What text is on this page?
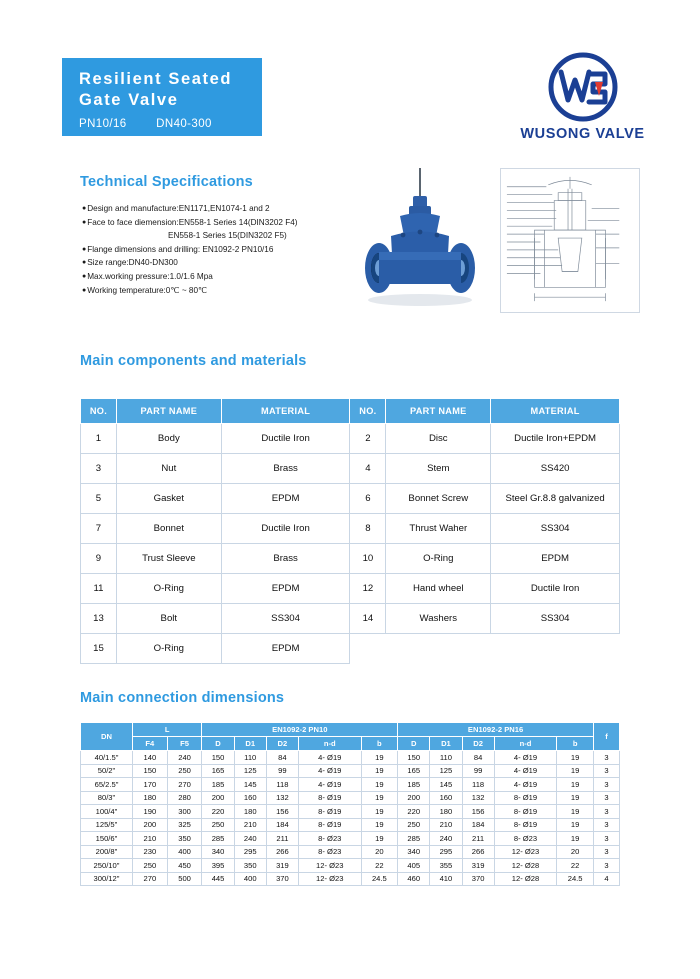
Resilient Seated
Gate Valve
PN10/16	DN40-300
WUSONG VALVE
Technical Specifications
●Design and manufacture:EN1171,EN1074-1 and 2
●Face to face diemension:EN558-1 Series 14(DIN3202 F4)
EN558-1 Series 15(DIN3202 F5)
●Flange dimensions and drilling: EN1092-2 PN10/16
●Size range:DN40-DN300
●Max.working pressure:1.0/1.6 Mpa
●Working temperature:0℃ ~ 80℃
Main components and materials
NO.	PART NAME	MATERIAL	NO.	PART NAME	MATERIAL
1	Body	Ductile Iron	2	Disc	Ductile Iron+EPDM
3	Nut	Brass	4	Stem	SS420
5	Gasket	EPDM	6	Bonnet Screw	Steel Gr.8.8 galvanized
7	Bonnet	Ductile Iron	8	Thrust Waher	SS304
9	Trust Sleeve	Brass	10	O-Ring	EPDM
11	O-Ring	EPDM	12	Hand wheel	Ductile Iron
13	Bolt	SS304	14	Washers	SS304
15	O-Ring	EPDM			
Main connection dimensions
DN	L		EN1092-2 PN10					EN1092-2 PN16					f
	F4	F5	D	D1	D2	n-d	b	D	D1	D2	n-d	b	
40/1.5"	140	240	150	110	84	4- Ø19	19	150	110	84	4- Ø19	19	3
50/2"	150	250	165	125	99	4- Ø19	19	165	125	99	4- Ø19	19	3
65/2.5"	170	270	185	145	118	4- Ø19	19	185	145	118	4- Ø19	19	3
80/3"	180	280	200	160	132	8- Ø19	19	200	160	132	8- Ø19	19	3
100/4"	190	300	220	180	156	8- Ø19	19	220	180	156	8- Ø19	19	3
125/5"	200	325	250	210	184	8- Ø19	19	250	210	184	8- Ø19	19	3
150/6"	210	350	285	240	211	8- Ø23	19	285	240	211	8- Ø23	19	3
200/8"	230	400	340	295	266	8- Ø23	20	340	295	266	12- Ø23	20	3
250/10"	250	450	395	350	319	12- Ø23	22	405	355	319	12- Ø28	22	3
300/12"	270	500	445	400	370	12- Ø23	24.5	460	410	370	12- Ø28	24.5	4
